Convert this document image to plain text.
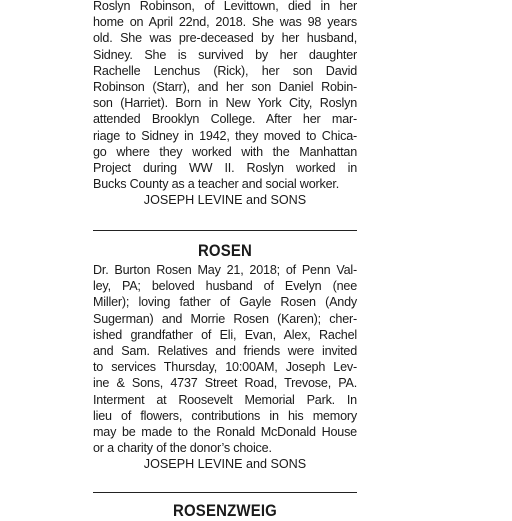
Roslyn Robinson, of Levittown, died in her
home on April 22nd, 2018. She was 98 years
old. She was pre-deceased by her husband,
Sidney. She is survived by her daughter
Rachelle Lenchus (Rick), her son David
Robinson (Starr), and her son Daniel Robin-
son (Harriet). Born in New York City, Roslyn
attended Brooklyn College. After her mar-
riage to Sidney in 1942, they moved to Chica-
go where they worked with the Manhattan
Project during WW II. Roslyn worked in
Bucks County as a teacher and social worker.

JOSEPH LEVINE and SONS

ROSEN

Dr. Burton Rosen May 21, 2018; of Penn Val-
ley, PA; beloved husband of Evelyn (nee
Miller); loving father of Gayle Rosen (Andy
Sugerman) and Morrie Rosen (Karen); cher-
ished grandfather of Eli, Evan, Alex, Rachel
and Sam. Relatives and friends were invited
to services Thursday, 10:00AM, Joseph Lev-
ine & Sons, 4737 Street Road, Trevose, PA.
Interment at Roosevelt Memorial Park. In
lieu of flowers, contributions in his memory
may be made to the Ronald McDonald House
or a charity of the donor’s choice.

JOSEPH LEVINE and SONS

ROSENZWEIG
